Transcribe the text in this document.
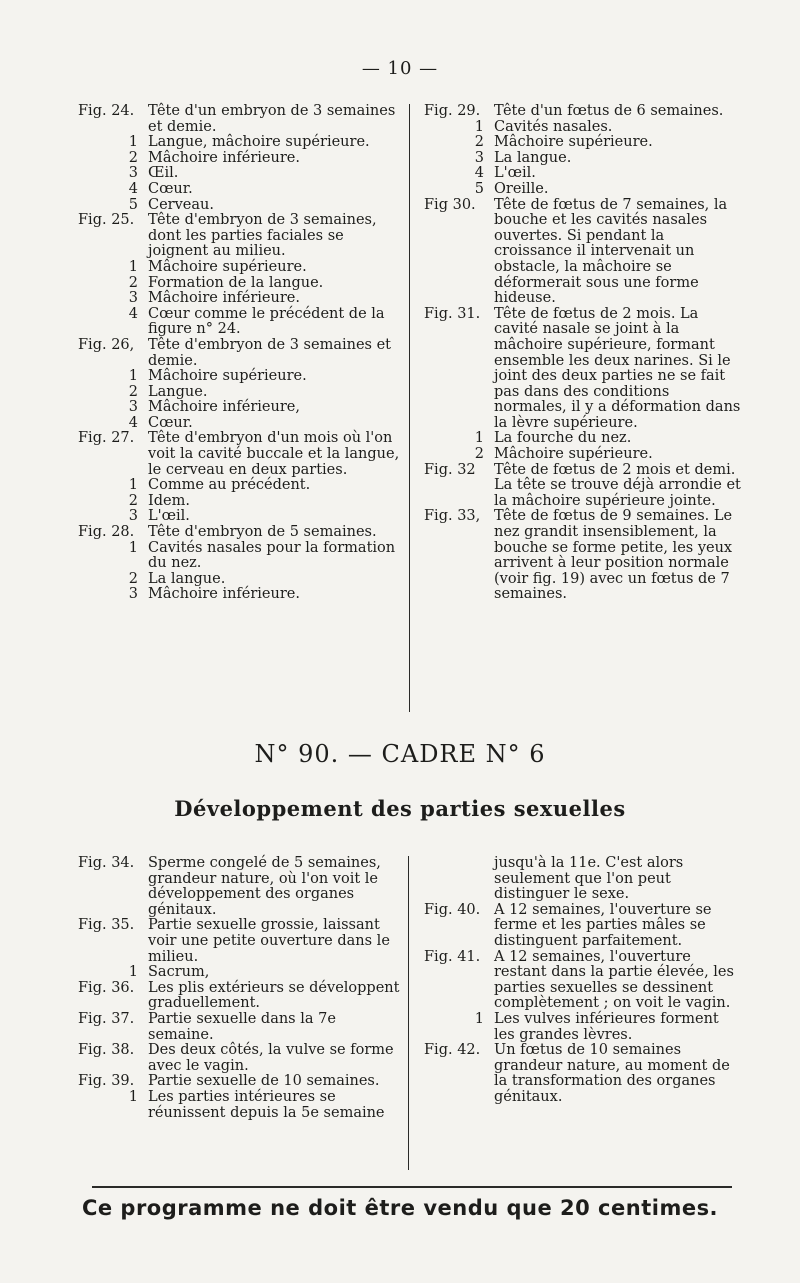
— 10 —
Fig. 24. Tête d'un embryon de 3 semaines et demie.
1 Langue, mâchoire supérieure.
2 Mâchoire inférieure.
3 Œil.
4 Cœur.
5 Cerveau.
Fig. 25. Tête d'embryon de 3 semaines, dont les parties faciales se joignent au milieu.
1 Mâchoire supérieure.
2 Formation de la langue.
3 Mâchoire inférieure.
4 Cœur comme le précédent de la figure n° 24.
Fig. 26, Tête d'embryon de 3 semaines et demie.
1 Mâchoire supérieure.
2 Langue.
3 Mâchoire inférieure,
4 Cœur.
Fig. 27. Tête d'embryon d'un mois où l'on voit la cavité buccale et la langue, le cerveau en deux parties.
1 Comme au précédent.
2 Idem.
3 L'œil.
Fig. 28. Tête d'embryon de 5 semaines.
1 Cavités nasales pour la formation du nez.
2 La langue.
3 Mâchoire inférieure.
Fig. 29. Tête d'un fœtus de 6 semaines.
1 Cavités nasales.
2 Mâchoire supérieure.
3 La langue.
4 L'œil.
5 Oreille.
Fig 30.	Tête de fœtus de 7 semaines, la bouche et les cavités nasales ouvertes. Si pendant la croissance il intervenait un obstacle, la mâchoire se déformerait sous une forme hideuse.
Fig. 31. Tête de fœtus de 2 mois. La cavité nasale se joint à la mâchoire supérieure, formant ensemble les deux narines. Si le joint des deux parties ne se fait pas dans des conditions normales, il y a déformation dans la lèvre supérieure.
1 La fourche du nez.
2 Mâchoire supérieure.
Fig. 32	Tête de fœtus de 2 mois et demi. La tête se trouve déjà arrondie et la mâchoire supérieure jointe.
Fig. 33, Tête de fœtus de 9 semaines. Le nez grandit insensiblement, la bouche se forme petite, les yeux arrivent à leur position normale (voir fig. 19) avec un fœtus de 7 semaines.
N° 90. — CADRE N° 6
Développement des parties sexuelles
Fig. 34. Sperme congelé de 5 semaines, grandeur nature, où l'on voit le développement des organes génitaux.
Fig. 35. Partie sexuelle grossie, laissant voir une petite ouverture dans le milieu.
1 Sacrum,
Fig. 36. Les plis extérieurs se développent graduellement.
Fig. 37. Partie sexuelle dans la 7e semaine.
Fig. 38. Des deux côtés, la vulve se forme avec le vagin.
Fig. 39. Partie sexuelle de 10 semaines.
1 Les parties intérieures se réunissent depuis la 5e semaine
jusqu'à la 11e. C'est alors seulement que l'on peut distinguer le sexe.
Fig. 40. A 12 semaines, l'ouverture se ferme et les parties mâles se distinguent parfaitement.
Fig. 41. A 12 semaines, l'ouverture restant dans la partie élevée, les parties sexuelles se dessinent complètement ; on voit le vagin.
1 Les vulves inférieures forment les grandes lèvres.
Fig. 42. Un fœtus de 10 semaines grandeur nature, au moment de la transformation des organes génitaux.
Ce programme ne doit être vendu que 20 centimes.
